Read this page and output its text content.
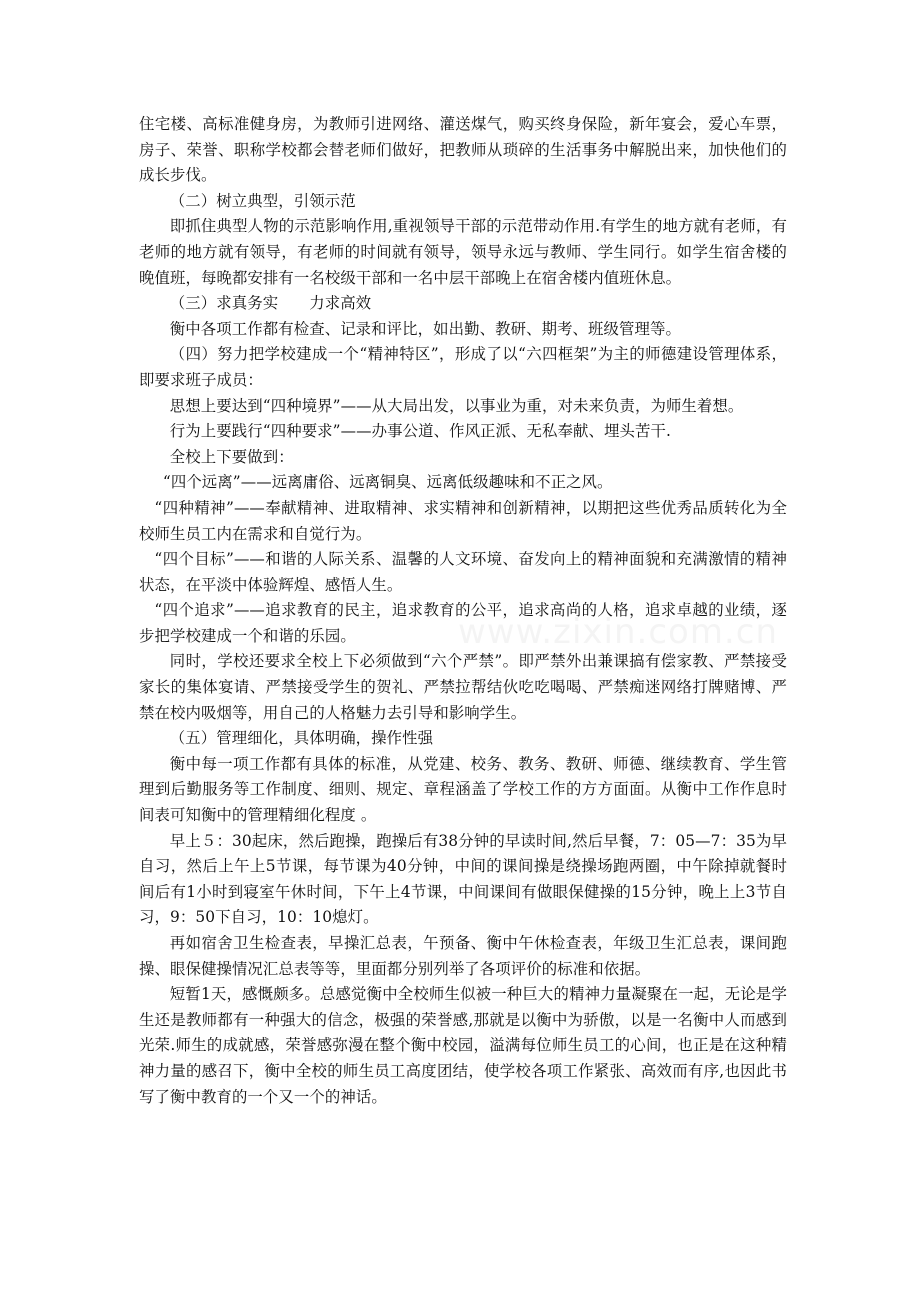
www.zixin.com.cn

住宅楼、高标准健身房，为教师引进网络、灌送煤气，购买终身保险，新年宴会，爱心车票，房子、荣誉、职称学校都会替老师们做好，把教师从琐碎的生活事务中解脱出来，加快他们的成长步伐。

（二）树立典型，引领示范

即抓住典型人物的示范影响作用,重视领导干部的示范带动作用.有学生的地方就有老师，有老师的地方就有领导，有老师的时间就有领导，领导永远与教师、学生同行。如学生宿舍楼的晚值班，每晚都安排有一名校级干部和一名中层干部晚上在宿舍楼内值班休息。

（三）求真务实　　力求高效

衡中各项工作都有检查、记录和评比，如出勤、教研、期考、班级管理等。

（四）努力把学校建成一个“精神特区”，形成了以“六四框架”为主的师德建设管理体系，即要求班子成员：

思想上要达到“四种境界”——从大局出发，以事业为重，对未来负责，为师生着想。

行为上要践行“四种要求”——办事公道、作风正派、无私奉献、埋头苦干.

全校上下要做到：

“四个远离”——远离庸俗、远离铜臭、远离低级趣味和不正之风。

“四种精神”——奉献精神、进取精神、求实精神和创新精神，以期把这些优秀品质转化为全校师生员工内在需求和自觉行为。

“四个目标”——和谐的人际关系、温馨的人文环境、奋发向上的精神面貌和充满激情的精神状态，在平淡中体验辉煌、感悟人生。

“四个追求”——追求教育的民主，追求教育的公平，追求高尚的人格，追求卓越的业绩，逐步把学校建成一个和谐的乐园。

同时，学校还要求全校上下必须做到“六个严禁”。即严禁外出兼课搞有偿家教、严禁接受家长的集体宴请、严禁接受学生的贺礼、严禁拉帮结伙吃吃喝喝、严禁痴迷网络打牌赌博、严禁在校内吸烟等，用自己的人格魅力去引导和影响学生。

（五）管理细化，具体明确，操作性强

衡中每一项工作都有具体的标准，从党建、校务、教务、教研、师德、继续教育、学生管理到后勤服务等工作制度、细则、规定、章程涵盖了学校工作的方方面面。从衡中工作作息时间表可知衡中的管理精细化程度 。

早上５：30起床，然后跑操，跑操后有38分钟的早读时间,然后早餐，7：05—7：35为早自习，然后上午上5节课，每节课为40分钟，中间的课间操是绕操场跑两圈，中午除掉就餐时间后有1小时到寝室午休时间，下午上4节课，中间课间有做眼保健操的15分钟，晚上上3节自习，9：50下自习，10：10熄灯。

再如宿舍卫生检查表，早操汇总表，午预备、衡中午休检查表，年级卫生汇总表，课间跑操、眼保健操情况汇总表等等，里面都分别列举了各项评价的标准和依据。

短暂1天，感慨颇多。总感觉衡中全校师生似被一种巨大的精神力量凝聚在一起，无论是学生还是教师都有一种强大的信念，极强的荣誉感,那就是以衡中为骄傲，以是一名衡中人而感到光荣.师生的成就感，荣誉感弥漫在整个衡中校园，溢满每位师生员工的心间，也正是在这种精神力量的感召下，衡中全校的师生员工高度团结，使学校各项工作紧张、高效而有序,也因此书写了衡中教育的一个又一个的神话。
